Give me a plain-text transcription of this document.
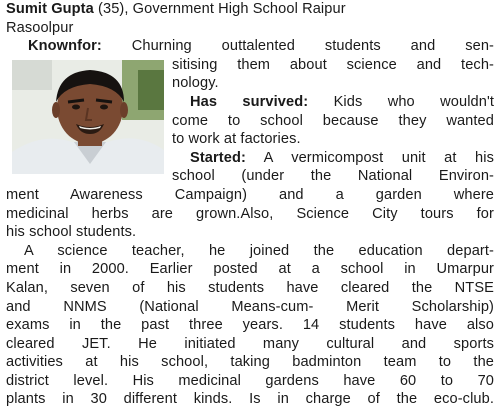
Sumit Gupta (35), Government High School Raipur
Rasoolpur
Knownfor: Churning outtalented students and sen-
sitising them about science and tech-
nology.
Has survived: Kids who wouldn't
come to school because they wanted
to work at factories.
Started: A vermicompost unit at his
school (under the National Environ-
ment Awareness Campaign) and a garden where
medicinal herbs are grown.Also, Science City tours for
his school students.
A science teacher, he joined the education depart-
ment in 2000. Earlier posted at a school in Umarpur
Kalan, seven of his students have cleared the NTSE
and NNMS (National Means-cum- Merit Scholarship)
exams in the past three years. 14 students have also
cleared JET. He initiated many cultural and sports
activities at his school, taking badminton team to the
district level. His medicinal gardens have 60 to 70
plants in 30 different kinds. Is in charge of the eco-club.
